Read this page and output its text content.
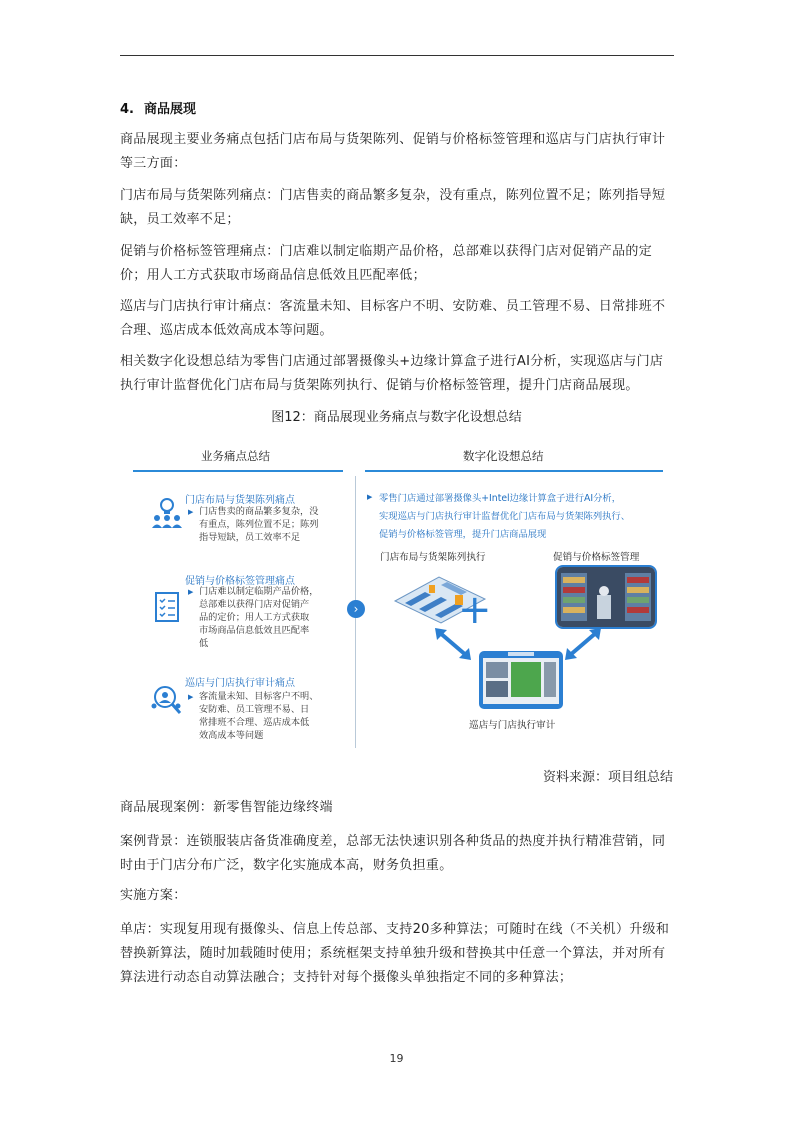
4. 商品展现
商品展现主要业务痛点包括门店布局与货架陈列、促销与价格标签管理和巡店与门店执行审计等三方面：
门店布局与货架陈列痛点：门店售卖的商品繁多复杂，没有重点，陈列位置不足；陈列指导短缺，员工效率不足；
促销与价格标签管理痛点：门店难以制定临期产品价格，总部难以获得门店对促销产品的定价；用人工方式获取市场商品信息低效且匹配率低；
巡店与门店执行审计痛点：客流量未知、目标客户不明、安防难、员工管理不易、日常排班不合理、巡店成本低效高成本等问题。
相关数字化设想总结为零售门店通过部署摄像头+边缘计算盒子进行AI分析，实现巡店与门店执行审计监督优化门店布局与货架陈列执行、促销与价格标签管理，提升门店商品展现。
图12：商品展现业务痛点与数字化设想总结
业务痛点总结	数字化设想总结
门店布局与货架陈列痛点
▶ 门店售卖的商品繁多复杂，没
有重点，陈列位置不足；陈列
指导短缺，员工效率不足
促销与价格标签管理痛点
▶ 门店难以制定临期产品价格，
总部难以获得门店对促销产
品的定价；用人工方式获取
市场商品信息低效且匹配率
低
巡店与门店执行审计痛点
▶ 客流量未知、目标客户不明、
安防难、员工管理不易、日
常排班不合理、巡店成本低
效高成本等问题
›
▶ 零售门店通过部署摄像头+Intel边缘计算盒子进行AI分析，
实现巡店与门店执行审计监督优化门店布局与货架陈列执行、
促销与价格标签管理，提升门店商品展现
门店布局与货架陈列执行	促销与价格标签管理
+
巡店与门店执行审计
资料来源：项目组总结
商品展现案例：新零售智能边缘终端
案例背景：连锁服装店备货准确度差，总部无法快速识别各种货品的热度并执行精准营销，同时由于门店分布广泛，数字化实施成本高，财务负担重。
实施方案：
单店：实现复用现有摄像头、信息上传总部、支持20多种算法；可随时在线（不关机）升级和替换新算法，随时加载随时使用；系统框架支持单独升级和替换其中任意一个算法，并对所有算法进行动态自动算法融合；支持针对每个摄像头单独指定不同的多种算法；
19
